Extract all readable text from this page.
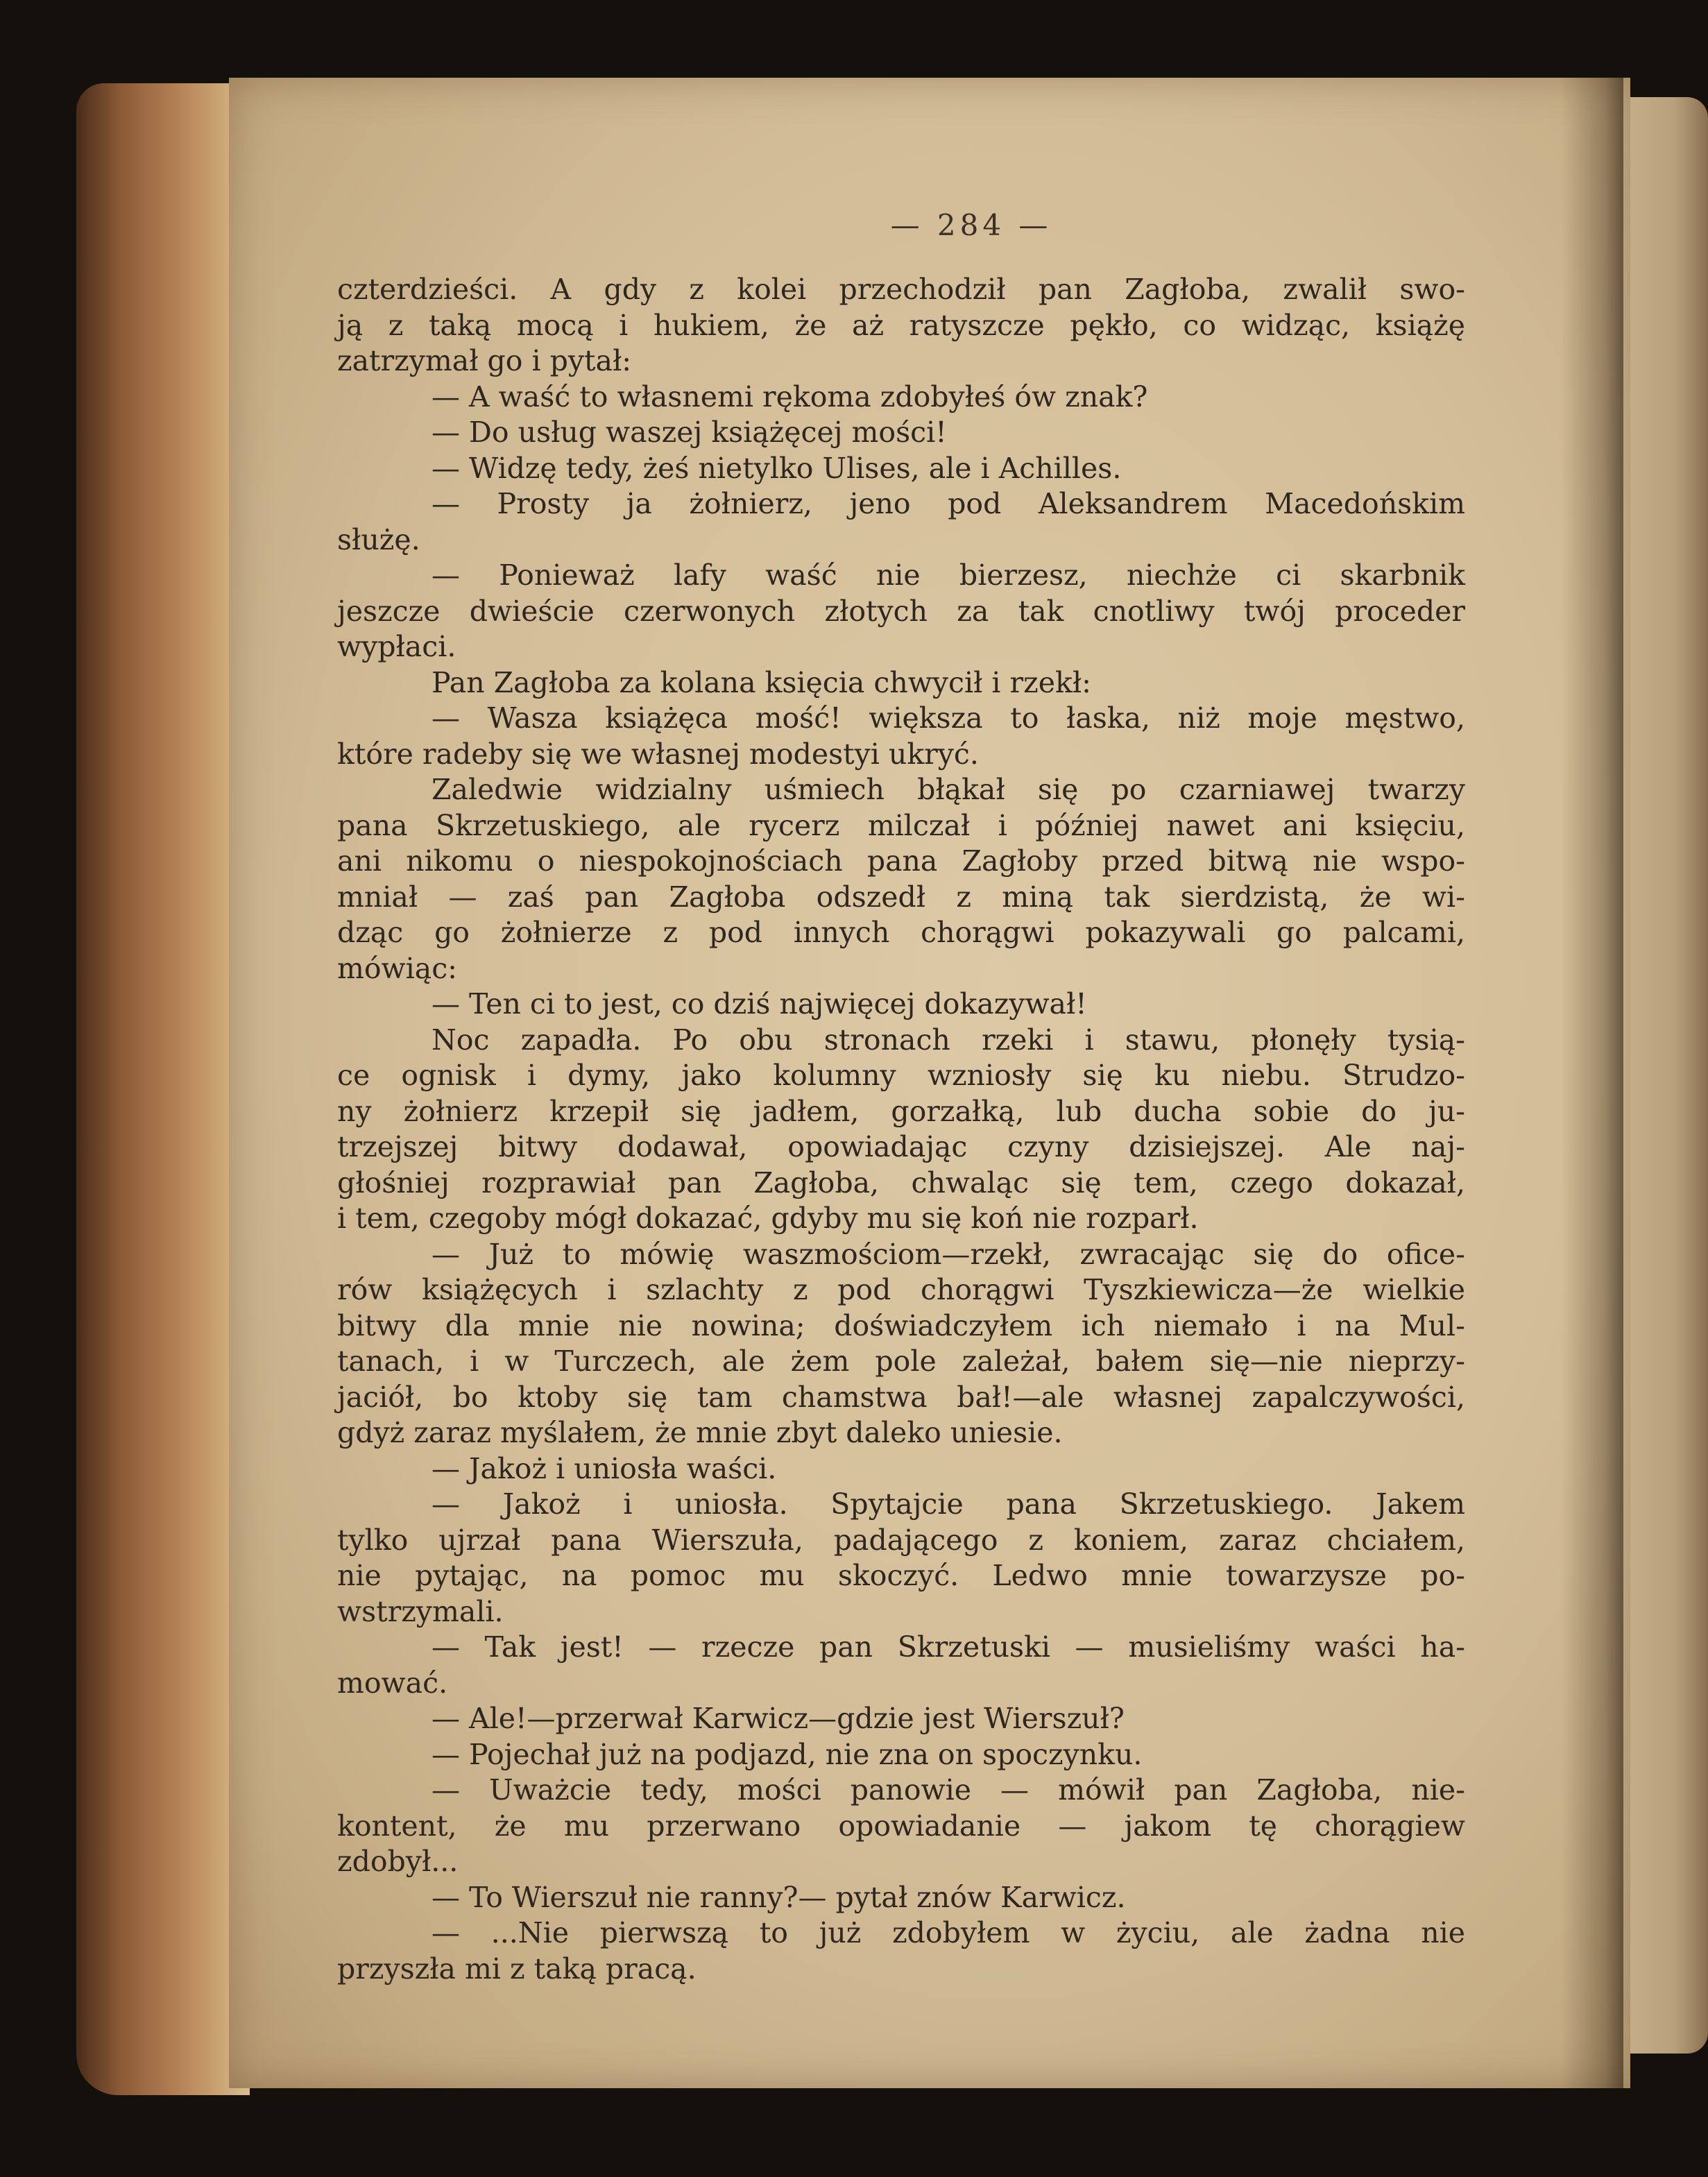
— 284 —
czterdzieści. A gdy z kolei przechodził pan Zagłoba, zwalił swo-
ją z taką mocą i hukiem, że aż ratyszcze pękło, co widząc, książę
zatrzymał go i pytał:
— A waść to własnemi rękoma zdobyłeś ów znak?
— Do usług waszej książęcej mości!
— Widzę tedy, żeś nietylko Ulises, ale i Achilles.
— Prosty ja żołnierz, jeno pod Aleksandrem Macedońskim
służę.
— Ponieważ lafy waść nie bierzesz, niechże ci skarbnik
jeszcze dwieście czerwonych złotych za tak cnotliwy twój proceder
wypłaci.
Pan Zagłoba za kolana księcia chwycił i rzekł:
— Wasza książęca mość! większa to łaska, niż moje męstwo,
które radeby się we własnej modestyi ukryć.
Zaledwie widzialny uśmiech błąkał się po czarniawej twarzy
pana Skrzetuskiego, ale rycerz milczał i później nawet ani księciu,
ani nikomu o niespokojnościach pana Zagłoby przed bitwą nie wspo-
mniał — zaś pan Zagłoba odszedł z miną tak sierdzistą, że wi-
dząc go żołnierze z pod innych chorągwi pokazywali go palcami,
mówiąc:
— Ten ci to jest, co dziś najwięcej dokazywał!
Noc zapadła. Po obu stronach rzeki i stawu, płonęły tysią-
ce ognisk i dymy, jako kolumny wzniosły się ku niebu. Strudzo-
ny żołnierz krzepił się jadłem, gorzałką, lub ducha sobie do ju-
trzejszej bitwy dodawał, opowiadając czyny dzisiejszej. Ale naj-
głośniej rozprawiał pan Zagłoba, chwaląc się tem, czego dokazał,
i tem, czegoby mógł dokazać, gdyby mu się koń nie rozparł.
— Już to mówię waszmościom—rzekł, zwracając się do ofice-
rów książęcych i szlachty z pod chorągwi Tyszkiewicza—że wielkie
bitwy dla mnie nie nowina; doświadczyłem ich niemało i na Mul-
tanach, i w Turczech, ale żem pole zależał, bałem się—nie nieprzy-
jaciół, bo ktoby się tam chamstwa bał!—ale własnej zapalczywości,
gdyż zaraz myślałem, że mnie zbyt daleko uniesie.
— Jakoż i uniosła waści.
— Jakoż i uniosła. Spytajcie pana Skrzetuskiego. Jakem
tylko ujrzał pana Wierszuła, padającego z koniem, zaraz chciałem,
nie pytając, na pomoc mu skoczyć. Ledwo mnie towarzysze po-
wstrzymali.
— Tak jest! — rzecze pan Skrzetuski — musieliśmy waści ha-
mować.
— Ale!—przerwał Karwicz—gdzie jest Wierszuł?
— Pojechał już na podjazd, nie zna on spoczynku.
— Uważcie tedy, mości panowie — mówił pan Zagłoba, nie-
kontent, że mu przerwano opowiadanie — jakom tę chorągiew
zdobył...
— To Wierszuł nie ranny?— pytał znów Karwicz.
— ...Nie pierwszą to już zdobyłem w życiu, ale żadna nie
przyszła mi z taką pracą.
